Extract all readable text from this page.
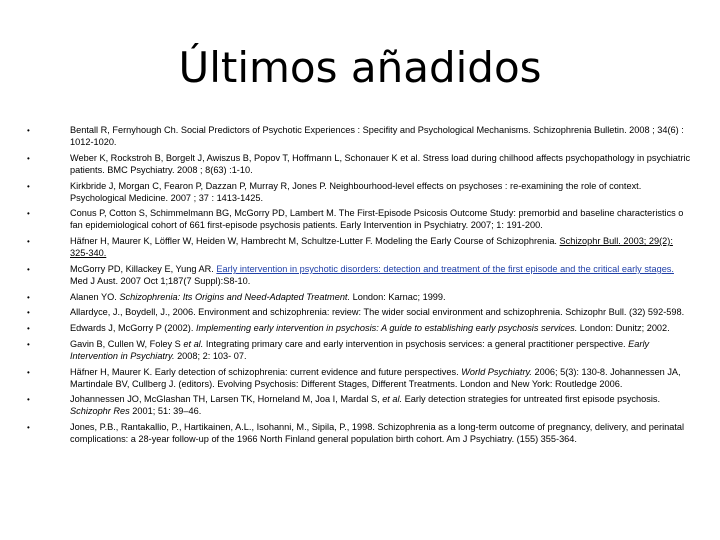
Últimos añadidos
•	Bentall R, Fernyhough Ch. Social Predictors of Psychotic Experiences : Specifity and Psychological Mechanisms. Schizophrenia Bulletin. 2008 ; 34(6) : 1012-1020.
•	Weber K, Rockstroh B, Borgelt J, Awiszus B, Popov T, Hoffmann L, Schonauer K et al. Stress load during chilhood affects psychopathology in psychiatric patients. BMC Psychiatry. 2008 ; 8(63) :1-10.
•	Kirkbride J, Morgan C, Fearon P, Dazzan P, Murray R, Jones P. Neighbourhood-level effects on psychoses : re-examining the role of context. Psychological Medicine. 2007 ; 37 : 1413-1425.
•	Conus P, Cotton S, Schimmelmann BG, McGorry PD, Lambert M. The First-Episode Psicosis Outcome Study: premorbid and baseline characteristics o fan epidemiological cohort of 661 first-episode psychosis patients. Early Intervention in Psychiatry. 2007; 1: 191-200.
•	Häfner H, Maurer K, Löffler W, Heiden W, Hambrecht M, Schultze-Lutter F. Modeling the Early Course of Schizophrenia. Schizophr Bull. 2003; 29(2): 325-340.
•	McGorry PD, Killackey E, Yung AR. Early intervention in psychotic disorders: detection and treatment of the first episode and the critical early stages. Med J Aust. 2007 Oct 1;187(7 Suppl):S8-10.
•	Alanen YO. Schizophrenia: Its Origins and Need-Adapted Treatment. London: Karnac; 1999.
•	Allardyce, J., Boydell, J., 2006. Environment and schizophrenia: review: The wider social environment and schizophrenia. Schizophr Bull. (32) 592-598.
•	Edwards J, McGorry P (2002). Implementing early intervention in psychosis: A guide to establishing early psychosis services. London: Dunitz; 2002.
•	Gavin B, Cullen W, Foley S et al. Integrating primary care and early intervention in psychosis services: a general practitioner perspective. Early Intervention in Psychiatry. 2008; 2: 103- 07.
•	Häfner H, Maurer K. Early detection of schizophrenia: current evidence and future perspectives. World Psychiatry. 2006; 5(3): 130-8. Johannessen JA, Martindale BV, Cullberg J. (editors). Evolving Psychosis: Different Stages, Different Treatments. London and New York: Routledge 2006.
•	Johannessen JO, McGlashan TH, Larsen TK, Horneland M, Joa I, Mardal S, et al. Early detection strategies for untreated first episode psychosis. Schizophr Res 2001; 51: 39–46.
•	Jones, P.B., Rantakallio, P., Hartikainen, A.L., Isohanni, M., Sipila, P., 1998. Schizophrenia as a long-term outcome of pregnancy, delivery, and perinatal complications: a 28-year follow-up of the 1966 North Finland general population birth cohort. Am J Psychiatry. (155) 355-364.
